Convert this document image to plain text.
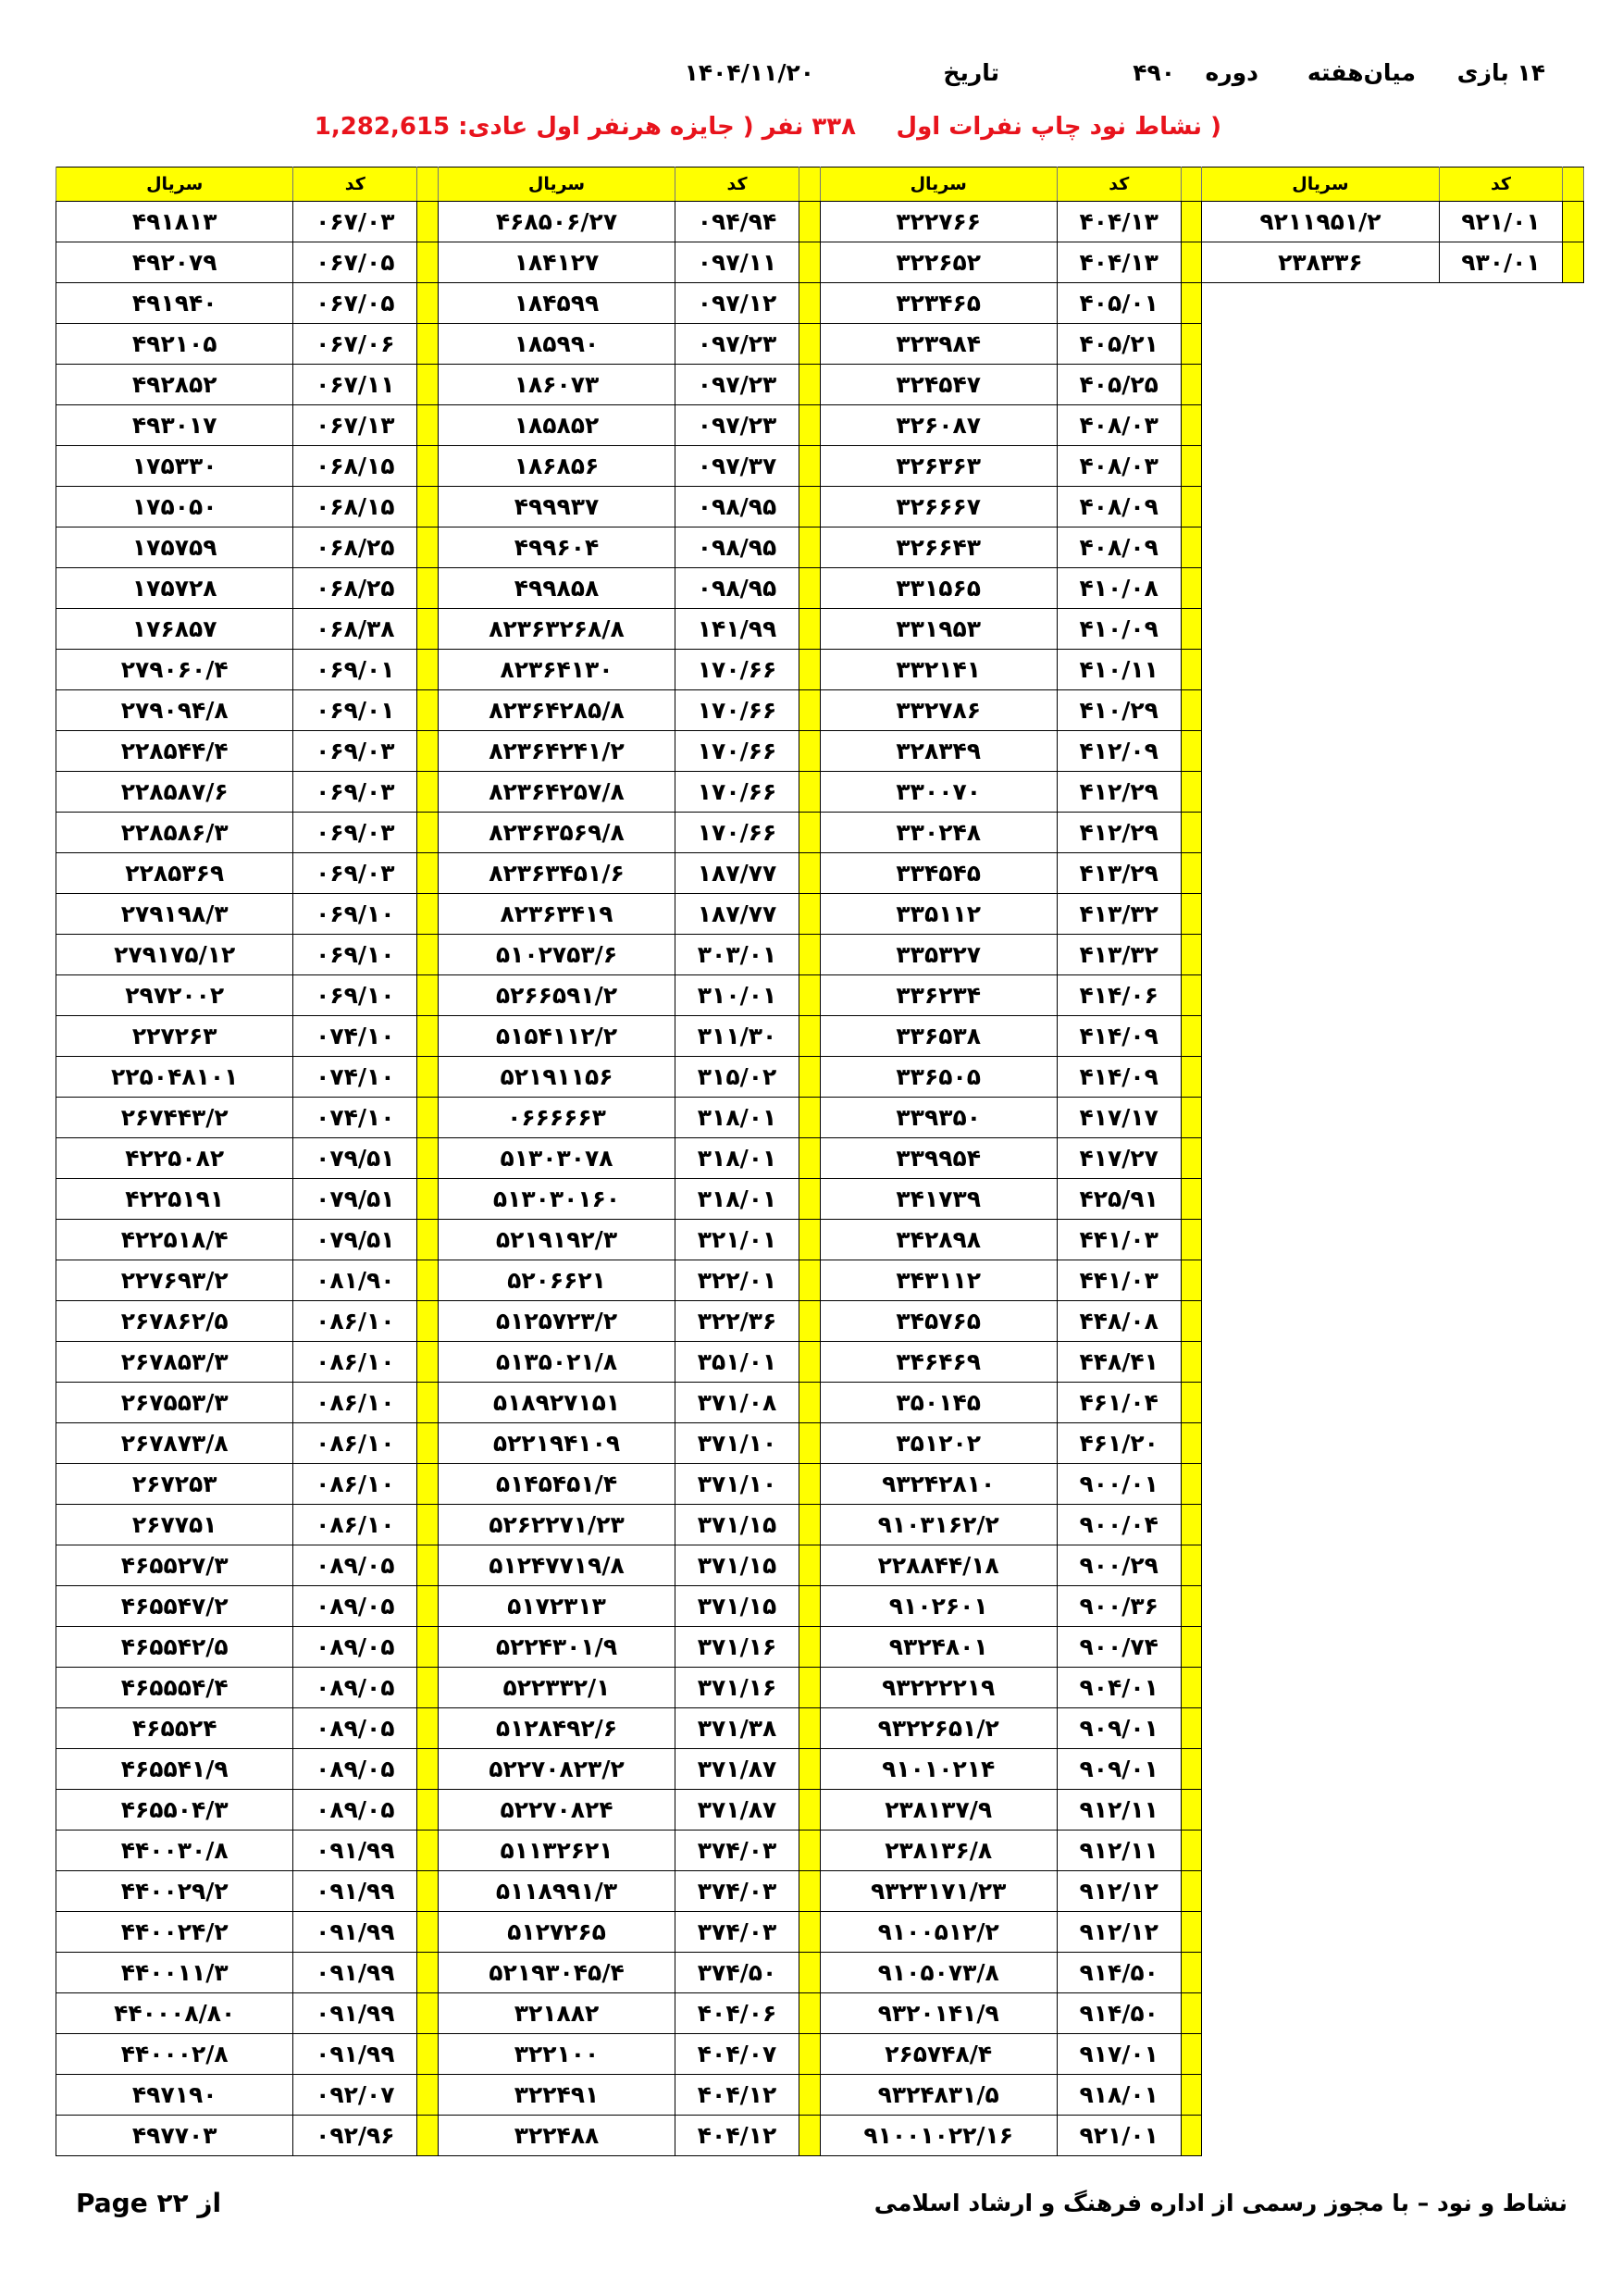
۱۴ بازی
میان‌هفته
دوره
۴۹۰
تاریخ
۱۴۰۴/۱۱/۲۰
( نشاط نود چاپ نفرات اول
۳۳۸ نفر ( جایزه هرنفر اول عادی: 1,282,615
	کد	سریال		کد	سریال		کد	سریال		کد	سریال
	۹۲۱/۰۱	۹۲۱۱۹۵۱/۲		۴۰۴/۱۳	۳۲۲۷۶۶		۰۹۴/۹۴	۴۶۸۵۰۶/۲۷		۰۶۷/۰۳	۴۹۱۸۱۳
	۹۳۰/۰۱	۲۳۸۳۳۶		۴۰۴/۱۳	۳۲۲۶۵۲		۰۹۷/۱۱	۱۸۴۱۲۷		۰۶۷/۰۵	۴۹۲۰۷۹
				۴۰۵/۰۱	۳۲۳۴۶۵		۰۹۷/۱۲	۱۸۴۵۹۹		۰۶۷/۰۵	۴۹۱۹۴۰
				۴۰۵/۲۱	۳۲۳۹۸۴		۰۹۷/۲۳	۱۸۵۹۹۰		۰۶۷/۰۶	۴۹۲۱۰۵
				۴۰۵/۲۵	۳۲۴۵۴۷		۰۹۷/۲۳	۱۸۶۰۷۳		۰۶۷/۱۱	۴۹۲۸۵۲
				۴۰۸/۰۳	۳۲۶۰۸۷		۰۹۷/۲۳	۱۸۵۸۵۲		۰۶۷/۱۳	۴۹۳۰۱۷
				۴۰۸/۰۳	۳۲۶۳۶۳		۰۹۷/۳۷	۱۸۶۸۵۶		۰۶۸/۱۵	۱۷۵۳۳۰
				۴۰۸/۰۹	۳۲۶۶۶۷		۰۹۸/۹۵	۴۹۹۹۳۷		۰۶۸/۱۵	۱۷۵۰۵۰
				۴۰۸/۰۹	۳۲۶۶۴۳		۰۹۸/۹۵	۴۹۹۶۰۴		۰۶۸/۲۵	۱۷۵۷۵۹
				۴۱۰/۰۸	۳۳۱۵۶۵		۰۹۸/۹۵	۴۹۹۸۵۸		۰۶۸/۲۵	۱۷۵۷۲۸
				۴۱۰/۰۹	۳۳۱۹۵۳		۱۴۱/۹۹	۸۲۳۶۳۲۶۸/۸		۰۶۸/۳۸	۱۷۶۸۵۷
				۴۱۰/۱۱	۳۳۲۱۴۱		۱۷۰/۶۶	۸۲۳۶۴۱۳۰		۰۶۹/۰۱	۲۷۹۰۶۰/۴
				۴۱۰/۲۹	۳۳۲۷۸۶		۱۷۰/۶۶	۸۲۳۶۴۲۸۵/۸		۰۶۹/۰۱	۲۷۹۰۹۴/۸
				۴۱۲/۰۹	۳۲۸۳۴۹		۱۷۰/۶۶	۸۲۳۶۴۲۴۱/۲		۰۶۹/۰۳	۲۲۸۵۴۴/۴
				۴۱۲/۲۹	۳۳۰۰۷۰		۱۷۰/۶۶	۸۲۳۶۴۲۵۷/۸		۰۶۹/۰۳	۲۲۸۵۸۷/۶
				۴۱۲/۲۹	۳۳۰۲۴۸		۱۷۰/۶۶	۸۲۳۶۳۵۶۹/۸		۰۶۹/۰۳	۲۲۸۵۸۶/۳
				۴۱۳/۲۹	۳۳۴۵۴۵		۱۸۷/۷۷	۸۲۳۶۳۴۵۱/۶		۰۶۹/۰۳	۲۲۸۵۳۶۹
				۴۱۳/۳۲	۳۳۵۱۱۲		۱۸۷/۷۷	۸۲۳۶۳۴۱۹		۰۶۹/۱۰	۲۷۹۱۹۸/۳
				۴۱۳/۳۲	۳۳۵۳۲۷		۳۰۳/۰۱	۵۱۰۲۷۵۳/۶		۰۶۹/۱۰	۲۷۹۱۷۵/۱۲
				۴۱۴/۰۶	۳۳۶۲۳۴		۳۱۰/۰۱	۵۲۶۶۵۹۱/۲		۰۶۹/۱۰	۲۹۷۲۰۰۲
				۴۱۴/۰۹	۳۳۶۵۳۸		۳۱۱/۳۰	۵۱۵۴۱۱۲/۲		۰۷۴/۱۰	۲۲۷۲۶۳
				۴۱۴/۰۹	۳۳۶۵۰۵		۳۱۵/۰۲	۵۲۱۹۱۱۵۶		۰۷۴/۱۰	۲۲۵۰۴۸۱۰۱
				۴۱۷/۱۷	۳۳۹۳۵۰		۳۱۸/۰۱	۰۶۶۶۶۶۳		۰۷۴/۱۰	۲۶۷۴۴۳/۲
				۴۱۷/۲۷	۳۳۹۹۵۴		۳۱۸/۰۱	۵۱۳۰۳۰۷۸		۰۷۹/۵۱	۴۲۲۵۰۸۲
				۴۲۵/۹۱	۳۴۱۷۳۹		۳۱۸/۰۱	۵۱۳۰۳۰۱۶۰		۰۷۹/۵۱	۴۲۲۵۱۹۱
				۴۴۱/۰۳	۳۴۲۸۹۸		۳۲۱/۰۱	۵۲۱۹۱۹۲/۳		۰۷۹/۵۱	۴۲۲۵۱۸/۴
				۴۴۱/۰۳	۳۴۳۱۱۲		۳۲۲/۰۱	۵۲۰۶۶۲۱		۰۸۱/۹۰	۲۲۷۶۹۳/۲
				۴۴۸/۰۸	۳۴۵۷۶۵		۳۲۲/۳۶	۵۱۲۵۷۲۳/۲		۰۸۶/۱۰	۲۶۷۸۶۲/۵
				۴۴۸/۴۱	۳۴۶۴۶۹		۳۵۱/۰۱	۵۱۳۵۰۲۱/۸		۰۸۶/۱۰	۲۶۷۸۵۳/۳
				۴۶۱/۰۴	۳۵۰۱۴۵		۳۷۱/۰۸	۵۱۸۹۲۷۱۵۱		۰۸۶/۱۰	۲۶۷۵۵۳/۳
				۴۶۱/۲۰	۳۵۱۲۰۲		۳۷۱/۱۰	۵۲۲۱۹۴۱۰۹		۰۸۶/۱۰	۲۶۷۸۷۳/۸
				۹۰۰/۰۱	۹۳۲۴۲۸۱۰		۳۷۱/۱۰	۵۱۴۵۴۵۱/۴		۰۸۶/۱۰	۲۶۷۲۵۳
				۹۰۰/۰۴	۹۱۰۳۱۶۲/۲		۳۷۱/۱۵	۵۲۶۲۲۷۱/۲۳		۰۸۶/۱۰	۲۶۷۷۵۱
				۹۰۰/۲۹	۲۲۸۸۴۴/۱۸		۳۷۱/۱۵	۵۱۲۴۷۷۱۹/۸		۰۸۹/۰۵	۴۶۵۵۲۷/۳
				۹۰۰/۳۶	۹۱۰۲۶۰۱		۳۷۱/۱۵	۵۱۷۲۳۱۳		۰۸۹/۰۵	۴۶۵۵۴۷/۲
				۹۰۰/۷۴	۹۳۲۴۸۰۱		۳۷۱/۱۶	۵۲۲۴۳۰۱/۹		۰۸۹/۰۵	۴۶۵۵۴۲/۵
				۹۰۴/۰۱	۹۳۲۲۲۲۱۹		۳۷۱/۱۶	۵۲۲۳۳۲/۱		۰۸۹/۰۵	۴۶۵۵۵۴/۴
				۹۰۹/۰۱	۹۳۲۲۶۵۱/۲		۳۷۱/۳۸	۵۱۲۸۴۹۲/۶		۰۸۹/۰۵	۴۶۵۵۲۴
				۹۰۹/۰۱	۹۱۰۱۰۲۱۴		۳۷۱/۸۷	۵۲۲۷۰۸۲۳/۲		۰۸۹/۰۵	۴۶۵۵۴۱/۹
				۹۱۲/۱۱	۲۳۸۱۳۷/۹		۳۷۱/۸۷	۵۲۲۷۰۸۲۴		۰۸۹/۰۵	۴۶۵۵۰۴/۳
				۹۱۲/۱۱	۲۳۸۱۳۶/۸		۳۷۴/۰۳	۵۱۱۳۲۶۲۱		۰۹۱/۹۹	۴۴۰۰۳۰/۸
				۹۱۲/۱۲	۹۳۲۳۱۷۱/۲۳		۳۷۴/۰۳	۵۱۱۸۹۹۱/۳		۰۹۱/۹۹	۴۴۰۰۲۹/۲
				۹۱۲/۱۲	۹۱۰۰۵۱۲/۲		۳۷۴/۰۳	۵۱۲۷۲۶۵		۰۹۱/۹۹	۴۴۰۰۲۴/۲
				۹۱۴/۵۰	۹۱۰۵۰۷۳/۸		۳۷۴/۵۰	۵۲۱۹۳۰۴۵/۴		۰۹۱/۹۹	۴۴۰۰۱۱/۳
				۹۱۴/۵۰	۹۳۲۰۱۴۱/۹		۴۰۴/۰۶	۳۲۱۸۸۲		۰۹۱/۹۹	۴۴۰۰۰۸/۸۰
				۹۱۷/۰۱	۲۶۵۷۴۸/۴		۴۰۴/۰۷	۳۲۲۱۰۰		۰۹۱/۹۹	۴۴۰۰۰۲/۸
				۹۱۸/۰۱	۹۳۲۴۸۳۱/۵		۴۰۴/۱۲	۳۲۲۴۹۱		۰۹۲/۰۷	۴۹۷۱۹۰
				۹۲۱/۰۱	۹۱۰۰۱۰۲۲/۱۶		۴۰۴/۱۲	۳۲۲۴۸۸		۰۹۲/۹۶	۴۹۷۷۰۳
از ۲۲ Page	نشاط و نود – با مجوز رسمی از اداره فرهنگ و ارشاد اسلامی
